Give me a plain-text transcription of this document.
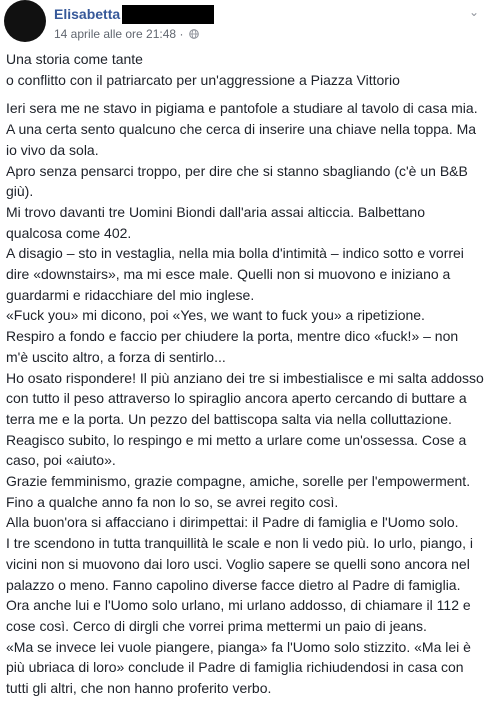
Elisabetta
14 aprile alle ore 21:48 ·
⌄

Una storia come tante

o conflitto con il patriarcato per un'aggressione a Piazza Vittorio

Ieri sera me ne stavo in pigiama e pantofole a studiare al tavolo di casa mia.

A una certa sento qualcuno che cerca di inserire una chiave nella toppa. Ma io vivo da sola.

Apro senza pensarci troppo, per dire che si stanno sbagliando (c'è un B&B giù).

Mi trovo davanti tre Uomini Biondi dall'aria assai alticcia. Balbettano qualcosa come 402.

A disagio – sto in vestaglia, nella mia bolla d'intimità – indico sotto e vorrei dire «downstairs», ma mi esce male. Quelli non si muovono e iniziano a guardarmi e ridacchiare del mio inglese.

«Fuck you» mi dicono, poi «Yes, we want to fuck you» a ripetizione.

Respiro a fondo e faccio per chiudere la porta, mentre dico «fuck!» – non m'è uscito altro, a forza di sentirlo...

Ho osato rispondere! Il più anziano dei tre si imbestialisce e mi salta addosso con tutto il peso attraverso lo spiraglio ancora aperto cercando di buttare a terra me e la porta. Un pezzo del battiscopa salta via nella colluttazione. Reagisco subito, lo respingo e mi metto a urlare come un'ossessa. Cose a caso, poi «aiuto».

Grazie femminismo, grazie compagne, amiche, sorelle per l'empowerment. Fino a qualche anno fa non lo so, se avrei regito così.

Alla buon'ora si affacciano i dirimpettai: il Padre di famiglia e l'Uomo solo.

I tre scendono in tutta tranquillità le scale e non li vedo più. Io urlo, piango, i vicini non si muovono dai loro usci. Voglio sapere se quelli sono ancora nel palazzo o meno. Fanno capolino diverse facce dietro al Padre di famiglia. Ora anche lui e l'Uomo solo urlano, mi urlano addosso, di chiamare il 112 e cose così. Cerco di dirgli che vorrei prima mettermi un paio di jeans.

«Ma se invece lei vuole piangere, pianga» fa l'Uomo solo stizzito. «Ma lei è più ubriaca di loro» conclude il Padre di famiglia richiudendosi in casa con tutti gli altri, che non hanno proferito verbo.
